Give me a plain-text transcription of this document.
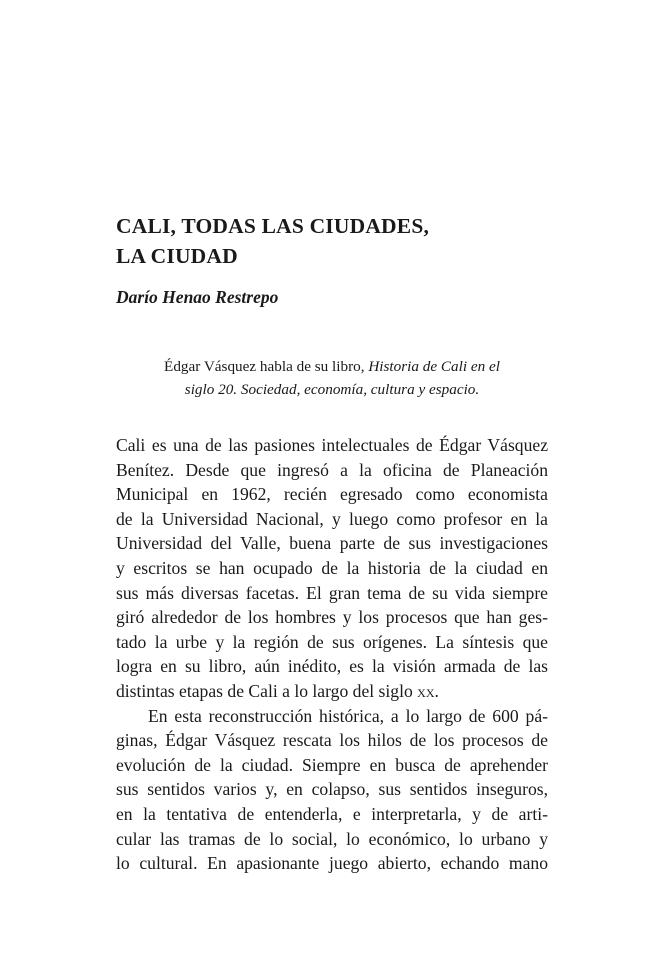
CALI, TODAS LAS CIUDADES,
LA CIUDAD

Darío Henao Restrepo

Édgar Vásquez habla de su libro, Historia de Cali en el
siglo 20. Sociedad, economía, cultura y espacio.
Cali es una de las pasiones intelectuales de Édgar Vásquez
Benítez. Desde que ingresó a la oficina de Planeación
Municipal en 1962, recién egresado como economista
de la Universidad Nacional, y luego como profesor en la
Universidad del Valle, buena parte de sus investigaciones
y escritos se han ocupado de la historia de la ciudad en
sus más diversas facetas. El gran tema de su vida siempre
giró alrededor de los hombres y los procesos que han ges-
tado la urbe y la región de sus orígenes. La síntesis que
logra en su libro, aún inédito, es la visión armada de las
distintas etapas de Cali a lo largo del siglo xx.
En esta reconstrucción histórica, a lo largo de 600 pá-
ginas, Édgar Vásquez rescata los hilos de los procesos de
evolución de la ciudad. Siempre en busca de aprehender
sus sentidos varios y, en colapso, sus sentidos inseguros,
en la tentativa de entenderla, e interpretarla, y de arti-
cular las tramas de lo social, lo económico, lo urbano y
lo cultural. En apasionante juego abierto, echando mano
